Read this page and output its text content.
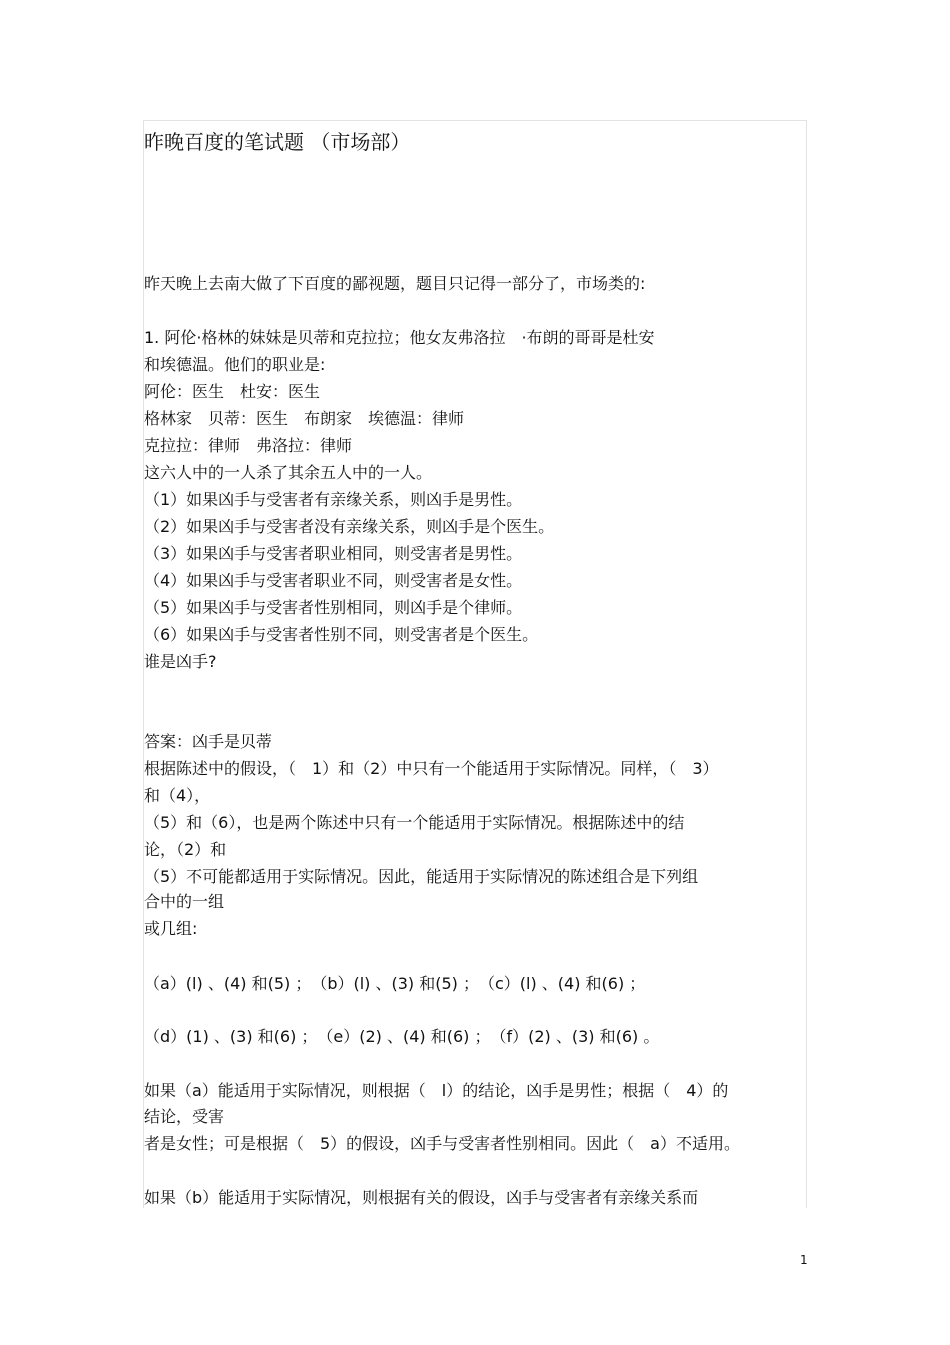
昨晚百度的笔试题 （市场部）
昨天晚上去南大做了下百度的鄙视题，题目只记得一部分了，市场类的:
1. 阿伦·格林的妹妹是贝蒂和克拉拉；他女友弗洛拉　·布朗的哥哥是杜安
和埃德温。他们的职业是:
阿伦：医生　杜安：医生
格林家　贝蒂：医生　布朗家　埃德温：律师
克拉拉：律师　弗洛拉：律师
这六人中的一人杀了其余五人中的一人。
（1）如果凶手与受害者有亲缘关系，则凶手是男性。
（2）如果凶手与受害者没有亲缘关系，则凶手是个医生。
（3）如果凶手与受害者职业相同，则受害者是男性。
（4）如果凶手与受害者职业不同，则受害者是女性。
（5）如果凶手与受害者性别相同，则凶手是个律师。
（6）如果凶手与受害者性别不同，则受害者是个医生。
谁是凶手?
答案：凶手是贝蒂
根据陈述中的假设，（　1）和（2）中只有一个能适用于实际情况。同样，（　3）
和（4），
（5）和（6），也是两个陈述中只有一个能适用于实际情况。根据陈述中的结
论，（2）和
（5）不可能都适用于实际情况。因此，能适用于实际情况的陈述组合是下列组
合中的一组
或几组:
（a）(l) 、(4) 和(5) ；　（b）(l) 、(3) 和(5) ；　（c）(l) 、(4) 和(6) ；
（d）(1) 、(3) 和(6) ；　（e）(2) 、(4) 和(6) ；　（f）(2) 、(3) 和(6) 。
如果（a）能适用于实际情况，则根据（　l）的结论，凶手是男性；根据（　4）的
结论，受害
者是女性；可是根据（　5）的假设，凶手与受害者性别相同。因此（　a）不适用。
如果（b）能适用于实际情况，则根据有关的假设，凶手与受害者有亲缘关系而
1
